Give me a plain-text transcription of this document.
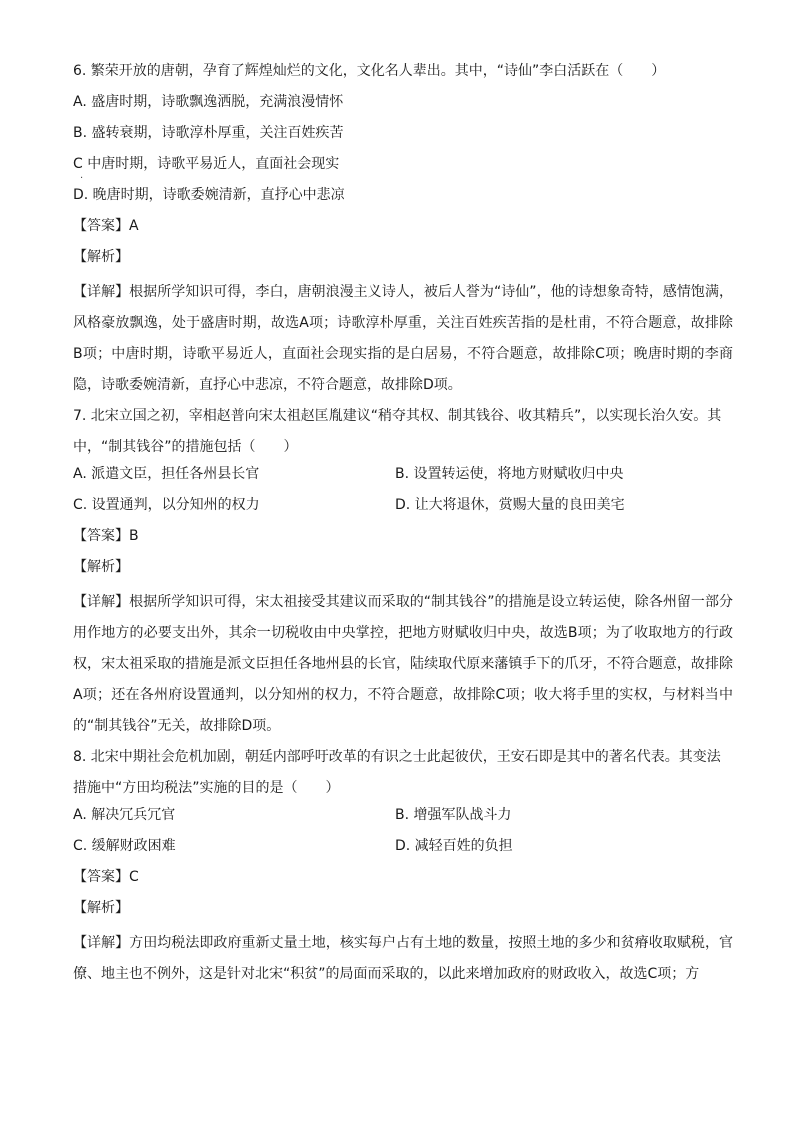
6. 繁荣开放的唐朝，孕育了辉煌灿烂的文化，文化名人辈出。其中，“诗仙”李白活跃在（　　）

A. 盛唐时期，诗歌飘逸洒脱，充满浪漫情怀
B. 盛转衰期，诗歌淳朴厚重，关注百姓疾苦
C 中唐时期，诗歌平易近人，直面社会现实
·
D. 晚唐时期，诗歌委婉清新，直抒心中悲凉
【答案】A
【解析】

【详解】根据所学知识可得，李白，唐朝浪漫主义诗人，被后人誉为“诗仙”，他的诗想象奇特，感情饱满，风格豪放飘逸，处于盛唐时期，故选A项；诗歌淳朴厚重，关注百姓疾苦指的是杜甫，不符合题意，故排除B项；中唐时期，诗歌平易近人，直面社会现实指的是白居易，不符合题意，故排除C项；晚唐时期的李商隐，诗歌委婉清新，直抒心中悲凉，不符合题意，故排除D项。

7. 北宋立国之初，宰相赵普向宋太祖赵匡胤建议“稍夺其权、制其钱谷、收其精兵”，以实现长治久安。其中，“制其钱谷”的措施包括（　　）

A. 派遣文臣，担任各州县长官	B. 设置转运使，将地方财赋收归中央
C. 设置通判，以分知州的权力	D. 让大将退休，赏赐大量的良田美宅
【答案】B
【解析】

【详解】根据所学知识可得，宋太祖接受其建议而采取的“制其钱谷”的措施是设立转运使，除各州留一部分用作地方的必要支出外，其余一切税收由中央掌控，把地方财赋收归中央，故选B项；为了收取地方的行政权，宋太祖采取的措施是派文臣担任各地州县的长官，陆续取代原来藩镇手下的爪牙，不符合题意，故排除A项；还在各州府设置通判，以分知州的权力，不符合题意，故排除C项；收大将手里的实权，与材料当中的“制其钱谷”无关，故排除D项。

8. 北宋中期社会危机加剧，朝廷内部呼吁改革的有识之士此起彼伏，王安石即是其中的著名代表。其变法措施中“方田均税法”实施的目的是（　　）

A. 解决冗兵冗官	B. 增强军队战斗力
C. 缓解财政困难	D. 减轻百姓的负担
【答案】C
【解析】

【详解】方田均税法即政府重新丈量土地，核实每户占有土地的数量，按照土地的多少和贫瘠收取赋税，官僚、地主也不例外，这是针对北宋“积贫”的局面而采取的，以此来增加政府的财政收入，故选C项；方
